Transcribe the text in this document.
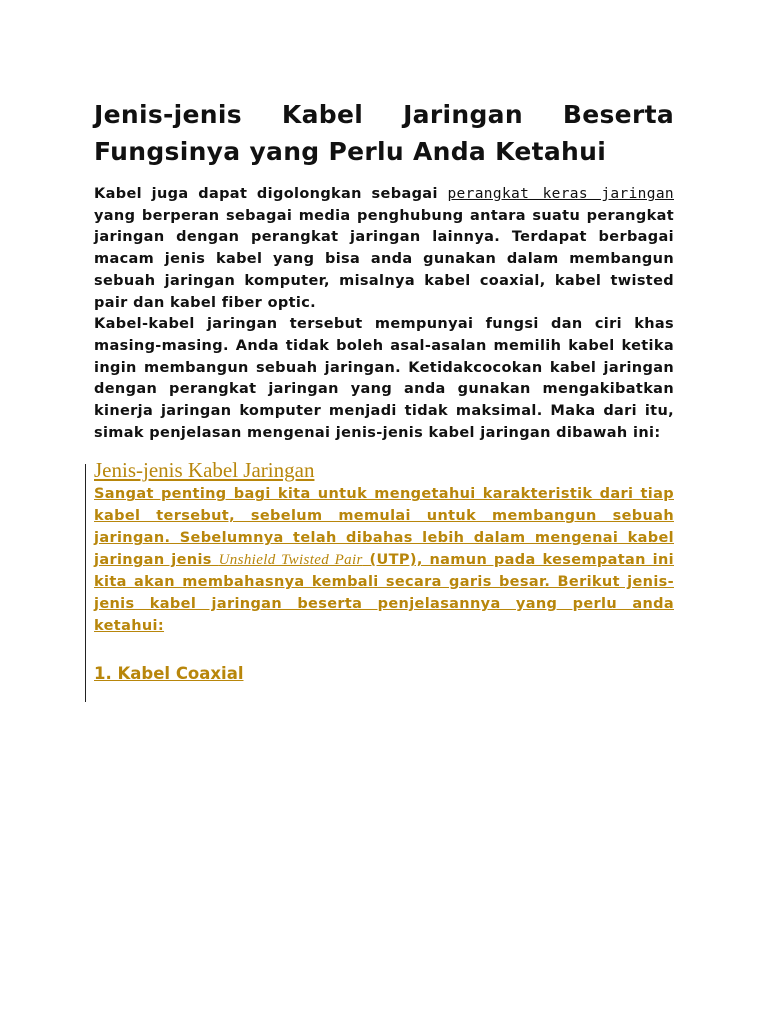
Jenis-jenis Kabel Jaringan Beserta Fungsinya yang Perlu Anda Ketahui

Kabel juga dapat digolongkan sebagai perangkat keras jaringan yang berperan sebagai media penghubung antara suatu perangkat jaringan dengan perangkat jaringan lainnya. Terdapat berbagai macam jenis kabel yang bisa anda gunakan dalam membangun sebuah jaringan komputer, misalnya kabel coaxial, kabel twisted pair dan kabel fiber optic.

Kabel-kabel jaringan tersebut mempunyai fungsi dan ciri khas masing-masing. Anda tidak boleh asal-asalan memilih kabel ketika ingin membangun sebuah jaringan. Ketidakcocokan kabel jaringan dengan perangkat jaringan yang anda gunakan mengakibatkan kinerja jaringan komputer menjadi tidak maksimal. Maka dari itu, simak penjelasan mengenai jenis-jenis kabel jaringan dibawah ini:

Jenis-jenis Kabel Jaringan

Sangat penting bagi kita untuk mengetahui karakteristik dari tiap kabel tersebut, sebelum memulai untuk membangun sebuah jaringan. Sebelumnya telah dibahas lebih dalam mengenai kabel jaringan jenis Unshield Twisted Pair (UTP), namun pada kesempatan ini kita akan membahasnya kembali secara garis besar. Berikut jenis-jenis kabel jaringan beserta penjelasannya yang perlu anda ketahui:

1. Kabel Coaxial
